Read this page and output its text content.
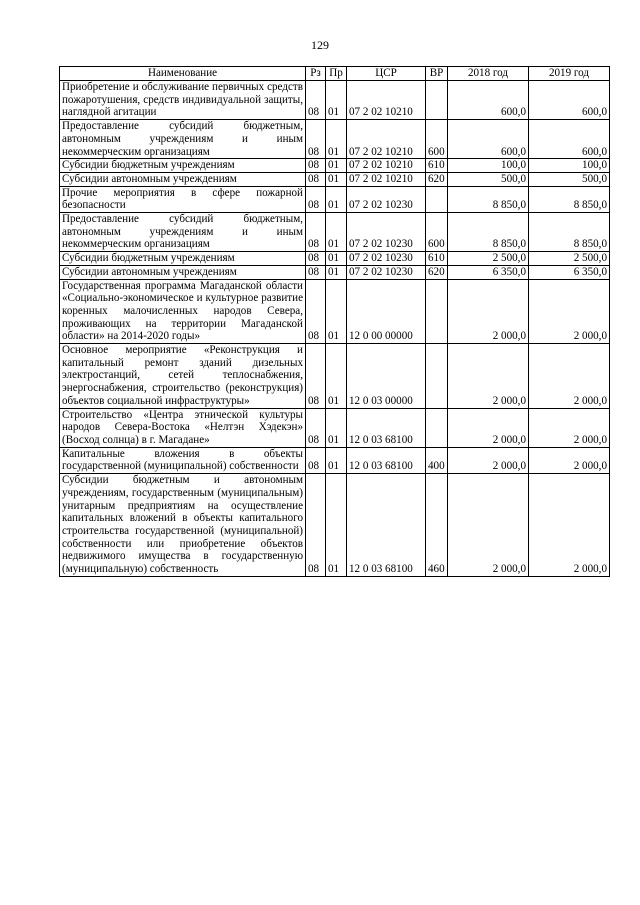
129
Наименование	Рз	Пр	ЦСР	ВР	2018 год	2019 год
Приобретение и обслуживание первичных средств пожаротушения, средств индивидуальной защиты, наглядной агитации	08	01	07 2 02 10210		600,0	600,0
Предоставление субсидий бюджетным, автономным учреждениям и иным некоммерческим организациям	08	01	07 2 02 10210	600	600,0	600,0
Субсидии бюджетным учреждениям	08	01	07 2 02 10210	610	100,0	100,0
Субсидии автономным учреждениям	08	01	07 2 02 10210	620	500,0	500,0
Прочие мероприятия в сфере пожарной безопасности	08	01	07 2 02 10230		8 850,0	8 850,0
Предоставление субсидий бюджетным, автономным учреждениям и иным некоммерческим организациям	08	01	07 2 02 10230	600	8 850,0	8 850,0
Субсидии бюджетным учреждениям	08	01	07 2 02 10230	610	2 500,0	2 500,0
Субсидии автономным учреждениям	08	01	07 2 02 10230	620	6 350,0	6 350,0
Государственная программа Магаданской области «Социально-экономическое и культурное развитие коренных малочисленных народов Севера, проживающих на территории Магаданской области» на 2014-2020 годы»	08	01	12 0 00 00000		2 000,0	2 000,0
Основное мероприятие «Реконструкция и капитальный ремонт зданий дизельных электростанций, сетей теплоснабжения, энергоснабжения, строительство (реконструкция) объектов социальной инфраструктуры»	08	01	12 0 03 00000		2 000,0	2 000,0
Строительство «Центра этнической культуры народов Севера-Востока «Нелтэн Хэдекэн» (Восход солнца) в г. Магадане»	08	01	12 0 03 68100		2 000,0	2 000,0
Капитальные вложения в объекты государственной (муниципальной) собственности	08	01	12 0 03 68100	400	2 000,0	2 000,0
Субсидии бюджетным и автономным учреждениям, государственным (муниципальным) унитарным предприятиям на осуществление капитальных вложений в объекты капитального строительства государственной (муниципальной) собственности или приобретение объектов недвижимого имущества в государственную (муниципальную) собственность	08	01	12 0 03 68100	460	2 000,0	2 000,0
